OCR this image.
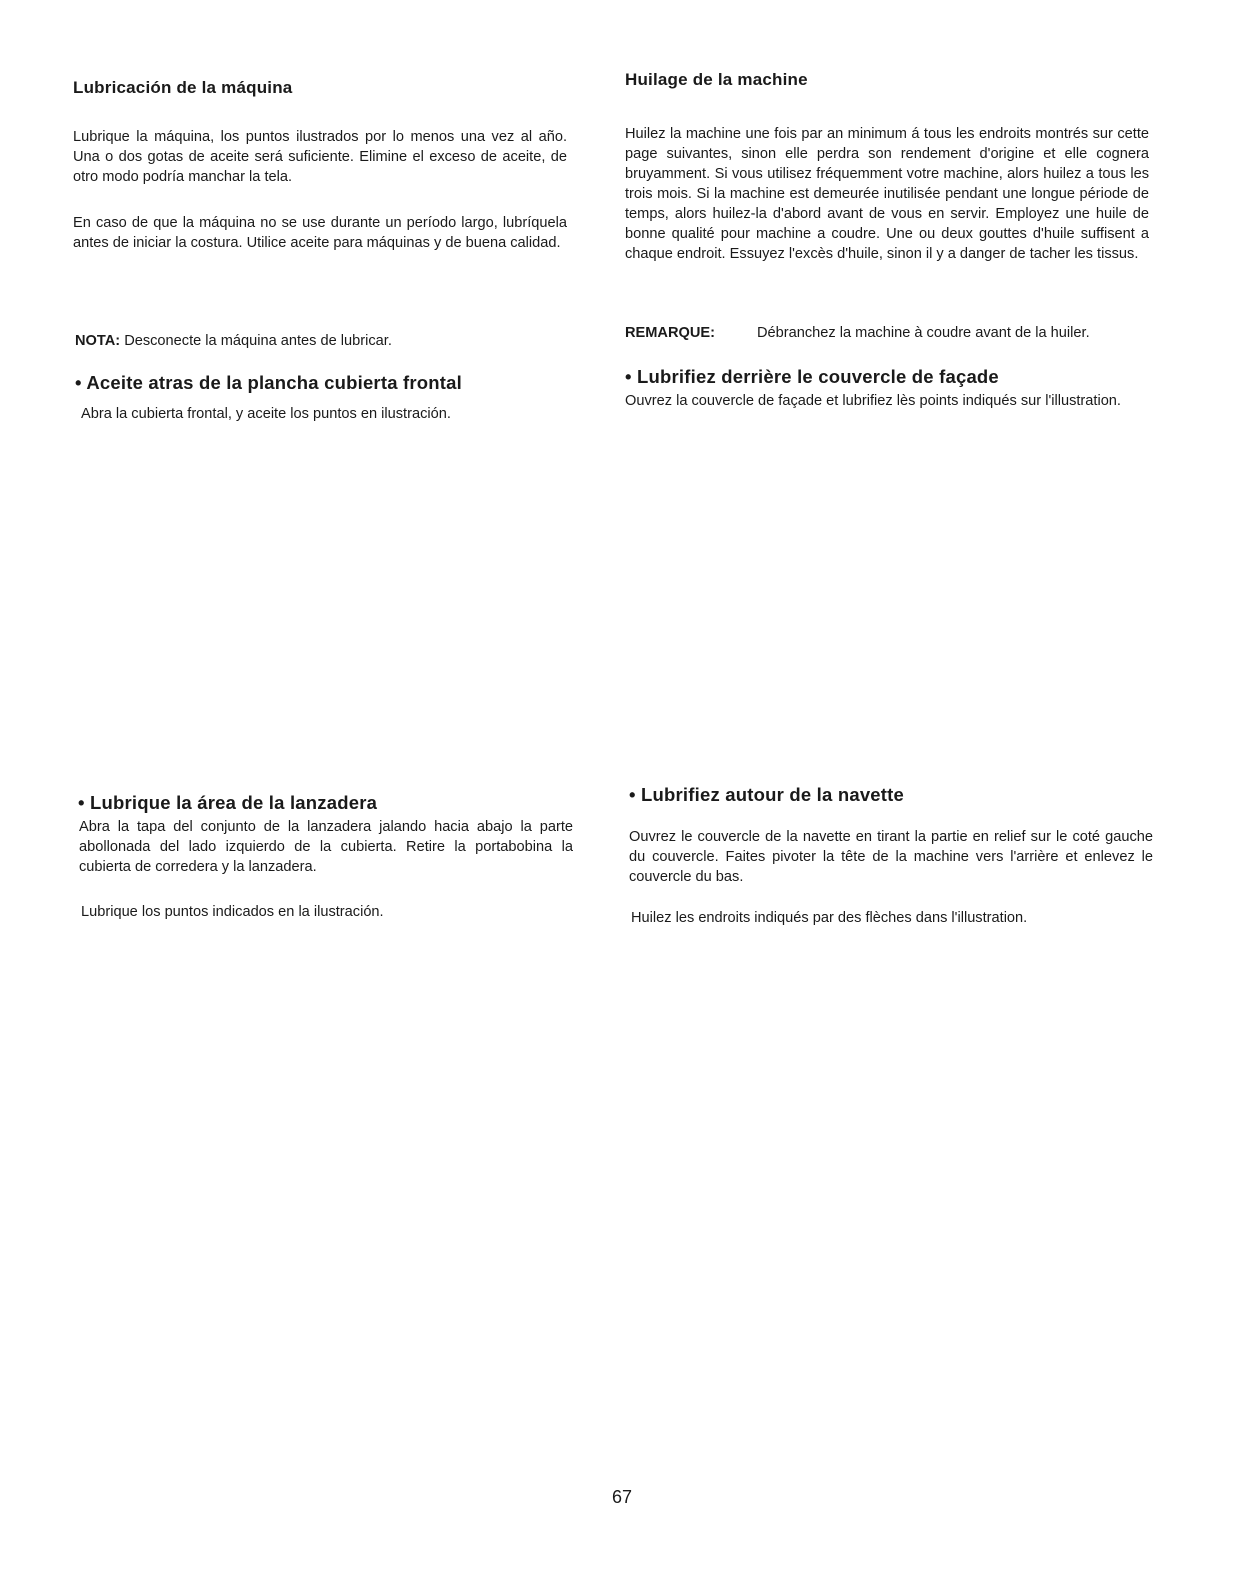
Lubricación de la máquina
Lubrique la máquina, los puntos ilustrados por lo menos una vez al año. Una o dos gotas de aceite será suficiente. Elimine el exceso de aceite, de otro modo podría manchar la tela.
En caso de que la máquina no se use durante un período largo, lubríquela antes de iniciar la costura. Utilice aceite para máquinas y de buena calidad.
NOTA: Desconecte la máquina antes de lubricar.
• Aceite atras de la plancha cubierta frontal
Abra la cubierta frontal, y aceite los puntos en ilustración.
• Lubrique la área de la lanzadera
Abra la tapa del conjunto de la lanzadera jalando hacia abajo la parte abollonada del lado izquierdo de la cubierta. Retire la portabobina la cubierta de corredera y la lanzadera.
Lubrique los puntos indicados en la ilustración.
Huilage de la machine
Huilez la machine une fois par an minimum á tous les endroits montrés sur cette page suivantes, sinon elle perdra son rendement d'origine et elle cognera bruyamment. Si vous utilisez fréquemment votre machine, alors huilez a tous les trois mois. Si la machine est demeurée inutilisée pendant une longue période de temps, alors huilez-la d'abord avant de vous en servir. Employez une huile de bonne qualité pour machine a coudre. Une ou deux gouttes d'huile suffisent a chaque endroit. Essuyez l'excès d'huile, sinon il y a danger de tacher les tissus.
REMARQUE:	Débranchez la machine à coudre avant de la huiler.
• Lubrifiez derrière le couvercle de façade
Ouvrez la couvercle de façade et lubrifiez lès points indiqués sur l'illustration.
• Lubrifiez autour de la navette
Ouvrez le couvercle de la navette en tirant la partie en relief sur le coté gauche du couvercle. Faites pivoter la tête de la machine vers l'arrière et enlevez le couvercle du bas.
Huilez les endroits indiqués par des flèches dans l'illustration.
67
